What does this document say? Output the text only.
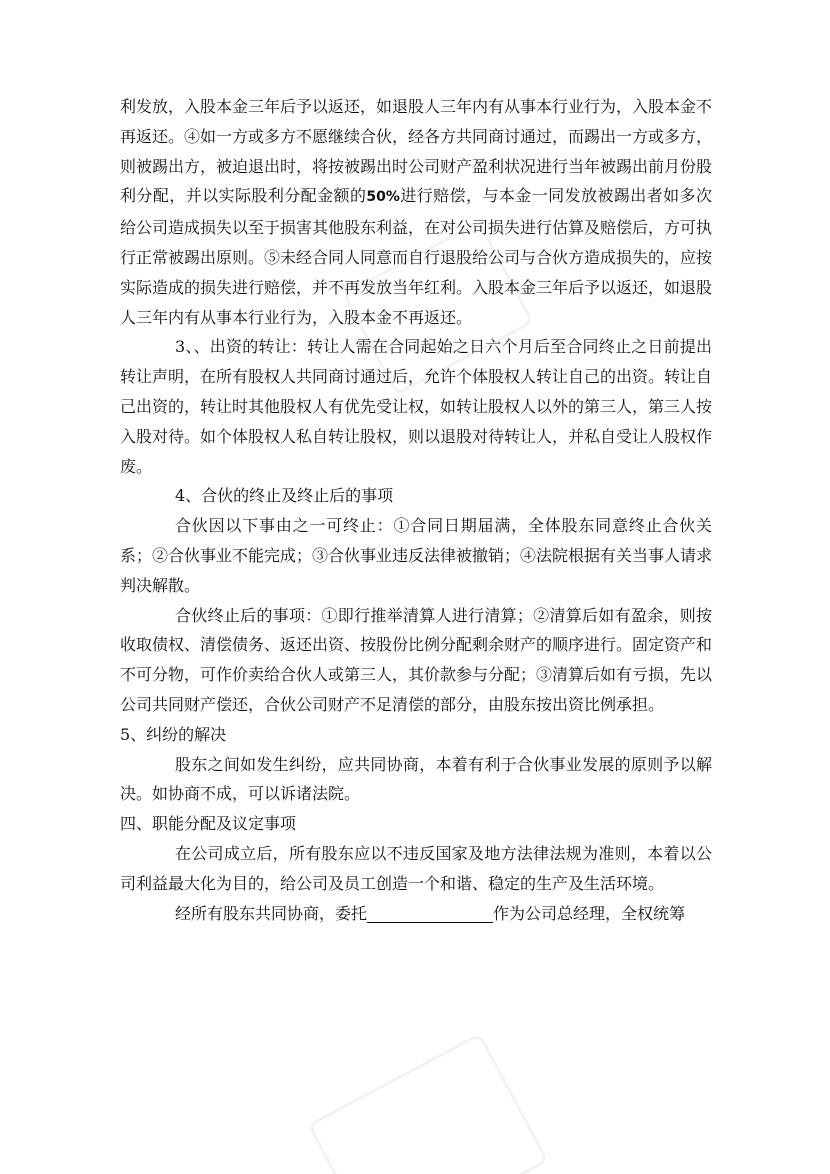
利发放，入股本金三年后予以返还，如退股人三年内有从事本行业行为，入股本金不再返还。④如一方或多方不愿继续合伙，经各方共同商讨通过，而踢出一方或多方，则被踢出方，被迫退出时，将按被踢出时公司财产盈利状况进行当年被踢出前月份股利分配，并以实际股利分配金额的50%进行赔偿，与本金一同发放被踢出者如多次给公司造成损失以至于损害其他股东利益，在对公司损失进行估算及赔偿后，方可执行正常被踢出原则。⑤未经合同人同意而自行退股给公司与合伙方造成损失的，应按实际造成的损失进行赔偿，并不再发放当年红利。入股本金三年后予以返还，如退股人三年内有从事本行业行为，入股本金不再返还。

3、、出资的转让：转让人需在合同起始之日六个月后至合同终止之日前提出转让声明，在所有股权人共同商讨通过后，允许个体股权人转让自己的出资。转让自己出资的，转让时其他股权人有优先受让权，如转让股权人以外的第三人，第三人按入股对待。如个体股权人私自转让股权，则以退股对待转让人，并私自受让人股权作废。

4、合伙的终止及终止后的事项

合伙因以下事由之一可终止：①合同日期届满，全体股东同意终止合伙关系；②合伙事业不能完成；③合伙事业违反法律被撤销；④法院根据有关当事人请求判决解散。

合伙终止后的事项：①即行推举清算人进行清算；②清算后如有盈余，则按收取债权、清偿债务、返还出资、按股份比例分配剩余财产的顺序进行。固定资产和不可分物，可作价卖给合伙人或第三人，其价款参与分配；③清算后如有亏损，先以公司共同财产偿还，合伙公司财产不足清偿的部分，由股东按出资比例承担。

5、纠纷的解决

股东之间如发生纠纷，应共同协商，本着有利于合伙事业发展的原则予以解决。如协商不成，可以诉诸法院。

四、职能分配及议定事项

在公司成立后，所有股东应以不违反国家及地方法律法规为准则，本着以公司利益最大化为目的，给公司及员工创造一个和谐、稳定的生产及生活环境。

经所有股东共同协商，委托	作为公司总经理，全权统筹
